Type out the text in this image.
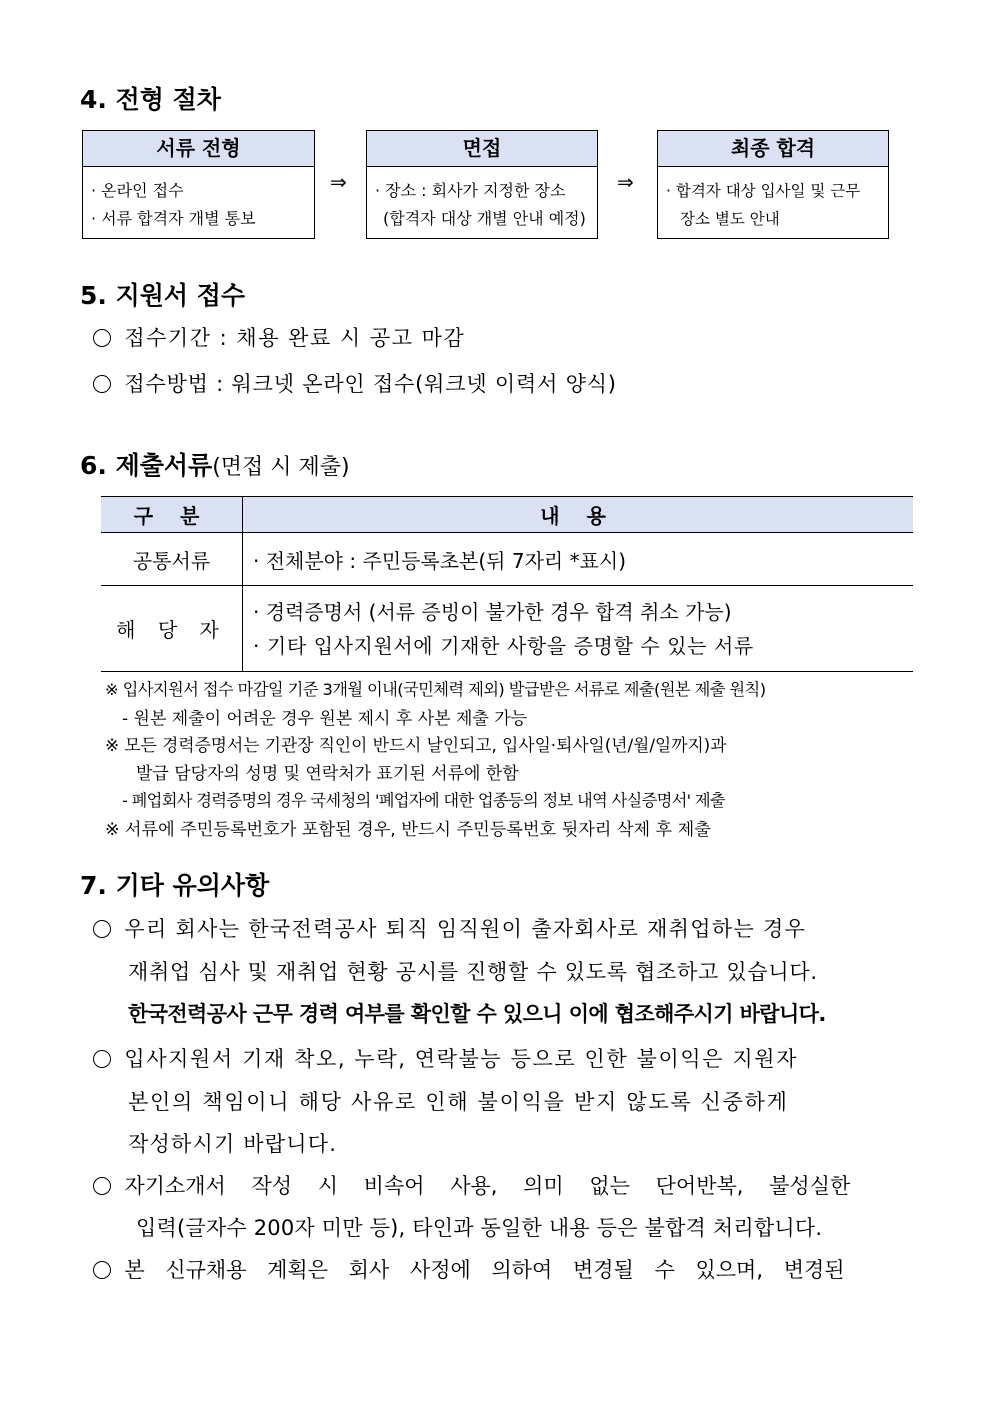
4. 전형 절차
서류 전형
· 온라인 접수
· 서류 합격자 개별 통보
⇒
면접
· 장소 : 회사가 지정한 장소
(합격자 대상 개별 안내 예정)
⇒
최종 합격
· 합격자 대상 입사일 및 근무
장소 별도 안내
5. 지원서 접수
접수기간 : 채용 완료 시 공고 마감
접수방법 : 워크넷 온라인 접수(워크넷 이력서 양식)
6. 제출서류(면접 시 제출)
구 분	내 용
공통서류	· 전체분야 : 주민등록초본(뒤 7자리 *표시)
해 당 자	· 경력증명서 (서류 증빙이 불가한 경우 합격 취소 가능)
· 기타 입사지원서에 기재한 사항을 증명할 수 있는 서류
※ 입사지원서 접수 마감일 기준 3개월 이내(국민체력 제외) 발급받은 서류로 제출(원본 제출 원칙)
- 원본 제출이 어려운 경우 원본 제시 후 사본 제출 가능
※ 모든 경력증명서는 기관장 직인이 반드시 날인되고, 입사일·퇴사일(년/월/일까지)과
발급 담당자의 성명 및 연락처가 표기된 서류에 한함
- 폐업회사 경력증명의 경우 국세청의 '폐업자에 대한 업종등의 정보 내역 사실증명서' 제출
※ 서류에 주민등록번호가 포함된 경우, 반드시 주민등록번호 뒷자리 삭제 후 제출
7. 기타 유의사항
우리 회사는 한국전력공사 퇴직 임직원이 출자회사로 재취업하는 경우
재취업 심사 및 재취업 현황 공시를 진행할 수 있도록 협조하고 있습니다.
한국전력공사 근무 경력 여부를 확인할 수 있으니 이에 협조해주시기 바랍니다.
입사지원서 기재 착오, 누락, 연락불능 등으로 인한 불이익은 지원자
본인의 책임이니 해당 사유로 인해 불이익을 받지 않도록 신중하게
작성하시기 바랍니다.
자기소개서 작성 시 비속어 사용, 의미 없는 단어반복, 불성실한
입력(글자수 200자 미만 등), 타인과 동일한 내용 등은 불합격 처리합니다.
본 신규채용 계획은 회사 사정에 의하여 변경될 수 있으며, 변경된
